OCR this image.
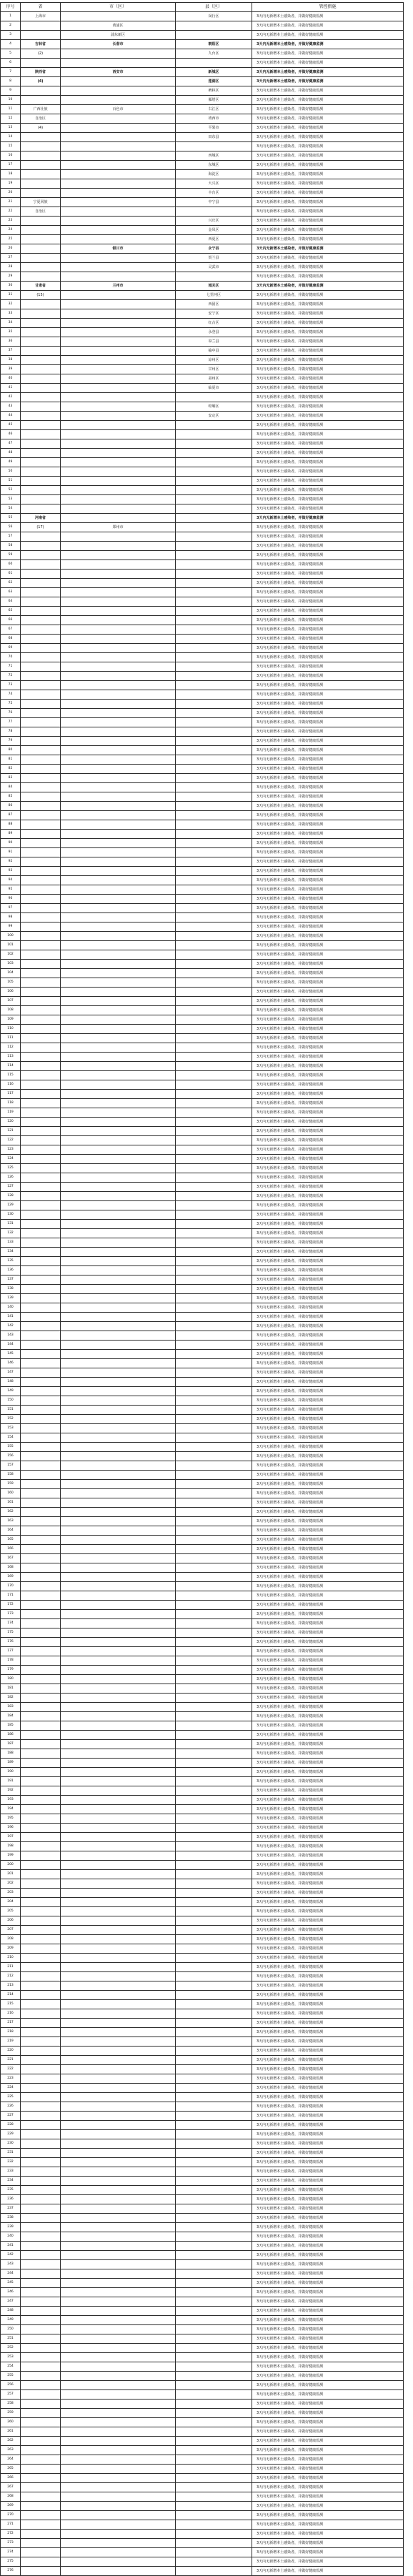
序号	省	市（区）	县（区）	管控措施
1	上海市		闵行区	3天内无新增本土感染者，并做好健康监测
2		黄浦区		3天内无新增本土感染者，并做好健康监测
3		浦东新区		3天内无新增本土感染者，并做好健康监测
4	吉林省	长春市	朝阳区	3天内无新增本土感染者，并做好健康监测
5	(2)		九台区	3天内无新增本土感染者，并做好健康监测
6				3天内无新增本土感染者，并做好健康监测
7	陕西省	西安市	新城区	3天内无新增本土感染者，并做好健康监测
8	(4)		莲湖区	3天内无新增本土感染者，并做好健康监测
9			碑林区	3天内无新增本土感染者，并做好健康监测
10			雁塔区	3天内无新增本土感染者，并做好健康监测
11	广西壮族	百色市	右江区	3天内无新增本土感染者，并做好健康监测
12	自治区		靖西市	3天内无新增本土感染者，并做好健康监测
13	(4)		平果市	3天内无新增本土感染者，并做好健康监测
14			田东县	3天内无新增本土感染者，并做好健康监测
15				3天内无新增本土感染者，并做好健康监测
16			西城区	3天内无新增本土感染者，并做好健康监测
17			东城区	3天内无新增本土感染者，并做好健康监测
18			海淀区	3天内无新增本土感染者，并做好健康监测
19			大兴区	3天内无新增本土感染者，并做好健康监测
20			丰台区	3天内无新增本土感染者，并做好健康监测
21	宁夏回族		中宁县	3天内无新增本土感染者，并做好健康监测
22	自治区			3天内无新增本土感染者，并做好健康监测
23			兴庆区	3天内无新增本土感染者，并做好健康监测
24			金凤区	3天内无新增本土感染者，并做好健康监测
25			西夏区	3天内无新增本土感染者，并做好健康监测
26		银川市	永宁县	3天内无新增本土感染者，并做好健康监测
27			贺兰县	3天内无新增本土感染者，并做好健康监测
28			灵武市	3天内无新增本土感染者，并做好健康监测
29				3天内无新增本土感染者，并做好健康监测
30	甘肃省	兰州市	城关区	3天内无新增本土感染者，并做好健康监测
31	(15)		七里河区	3天内无新增本土感染者，并做好健康监测
32			西固区	3天内无新增本土感染者，并做好健康监测
33			安宁区	3天内无新增本土感染者，并做好健康监测
34			红古区	3天内无新增本土感染者，并做好健康监测
35			永登县	3天内无新增本土感染者，并做好健康监测
36			皋兰县	3天内无新增本土感染者，并做好健康监测
37			榆中县	3天内无新增本土感染者，并做好健康监测
38			凉州区	3天内无新增本土感染者，并做好健康监测
39			甘州区	3天内无新增本土感染者，并做好健康监测
40			肃州区	3天内无新增本土感染者，并做好健康监测
41			临夏市	3天内无新增本土感染者，并做好健康监测
42				3天内无新增本土感染者，并做好健康监测
43			崆峒区	3天内无新增本土感染者，并做好健康监测
44			安定区	3天内无新增本土感染者，并做好健康监测
45				3天内无新增本土感染者，并做好健康监测
46				3天内无新增本土感染者，并做好健康监测
47				3天内无新增本土感染者，并做好健康监测
48				3天内无新增本土感染者，并做好健康监测
49				3天内无新增本土感染者，并做好健康监测
50				3天内无新增本土感染者，并做好健康监测
51				3天内无新增本土感染者，并做好健康监测
52				3天内无新增本土感染者，并做好健康监测
53				3天内无新增本土感染者，并做好健康监测
54				3天内无新增本土感染者，并做好健康监测
55	河南省			3天内无新增本土感染者，并做好健康监测
56	(17)	郑州市		3天内无新增本土感染者，并做好健康监测
57				3天内无新增本土感染者，并做好健康监测
58				3天内无新增本土感染者，并做好健康监测
59				3天内无新增本土感染者，并做好健康监测
60				3天内无新增本土感染者，并做好健康监测
61				3天内无新增本土感染者，并做好健康监测
62				3天内无新增本土感染者，并做好健康监测
63				3天内无新增本土感染者，并做好健康监测
64				3天内无新增本土感染者，并做好健康监测
65				3天内无新增本土感染者，并做好健康监测
66				3天内无新增本土感染者，并做好健康监测
67				3天内无新增本土感染者，并做好健康监测
68				3天内无新增本土感染者，并做好健康监测
69				3天内无新增本土感染者，并做好健康监测
70				3天内无新增本土感染者，并做好健康监测
71				3天内无新增本土感染者，并做好健康监测
72				3天内无新增本土感染者，并做好健康监测
73				3天内无新增本土感染者，并做好健康监测
74				3天内无新增本土感染者，并做好健康监测
75				3天内无新增本土感染者，并做好健康监测
76				3天内无新增本土感染者，并做好健康监测
77				3天内无新增本土感染者，并做好健康监测
78				3天内无新增本土感染者，并做好健康监测
79				3天内无新增本土感染者，并做好健康监测
80				3天内无新增本土感染者，并做好健康监测
81				3天内无新增本土感染者，并做好健康监测
82				3天内无新增本土感染者，并做好健康监测
83				3天内无新增本土感染者，并做好健康监测
84				3天内无新增本土感染者，并做好健康监测
85				3天内无新增本土感染者，并做好健康监测
86				3天内无新增本土感染者，并做好健康监测
87				3天内无新增本土感染者，并做好健康监测
88				3天内无新增本土感染者，并做好健康监测
89				3天内无新增本土感染者，并做好健康监测
90				3天内无新增本土感染者，并做好健康监测
91				3天内无新增本土感染者，并做好健康监测
92				3天内无新增本土感染者，并做好健康监测
93				3天内无新增本土感染者，并做好健康监测
94				3天内无新增本土感染者，并做好健康监测
95				3天内无新增本土感染者，并做好健康监测
96				3天内无新增本土感染者，并做好健康监测
97				3天内无新增本土感染者，并做好健康监测
98				3天内无新增本土感染者，并做好健康监测
99				3天内无新增本土感染者，并做好健康监测
100				3天内无新增本土感染者，并做好健康监测
101				3天内无新增本土感染者，并做好健康监测
102				3天内无新增本土感染者，并做好健康监测
103				3天内无新增本土感染者，并做好健康监测
104				3天内无新增本土感染者，并做好健康监测
105				3天内无新增本土感染者，并做好健康监测
106				3天内无新增本土感染者，并做好健康监测
107				3天内无新增本土感染者，并做好健康监测
108				3天内无新增本土感染者，并做好健康监测
109				3天内无新增本土感染者，并做好健康监测
110				3天内无新增本土感染者，并做好健康监测
111				3天内无新增本土感染者，并做好健康监测
112				3天内无新增本土感染者，并做好健康监测
113				3天内无新增本土感染者，并做好健康监测
114				3天内无新增本土感染者，并做好健康监测
115				3天内无新增本土感染者，并做好健康监测
116				3天内无新增本土感染者，并做好健康监测
117				3天内无新增本土感染者，并做好健康监测
118				3天内无新增本土感染者，并做好健康监测
119				3天内无新增本土感染者，并做好健康监测
120				3天内无新增本土感染者，并做好健康监测
121				3天内无新增本土感染者，并做好健康监测
122				3天内无新增本土感染者，并做好健康监测
123				3天内无新增本土感染者，并做好健康监测
124				3天内无新增本土感染者，并做好健康监测
125				3天内无新增本土感染者，并做好健康监测
126				3天内无新增本土感染者，并做好健康监测
127				3天内无新增本土感染者，并做好健康监测
128				3天内无新增本土感染者，并做好健康监测
129				3天内无新增本土感染者，并做好健康监测
130				3天内无新增本土感染者，并做好健康监测
131				3天内无新增本土感染者，并做好健康监测
132				3天内无新增本土感染者，并做好健康监测
133				3天内无新增本土感染者，并做好健康监测
134				3天内无新增本土感染者，并做好健康监测
135				3天内无新增本土感染者，并做好健康监测
136				3天内无新增本土感染者，并做好健康监测
137				3天内无新增本土感染者，并做好健康监测
138				3天内无新增本土感染者，并做好健康监测
139				3天内无新增本土感染者，并做好健康监测
140				3天内无新增本土感染者，并做好健康监测
141				3天内无新增本土感染者，并做好健康监测
142				3天内无新增本土感染者，并做好健康监测
143				3天内无新增本土感染者，并做好健康监测
144				3天内无新增本土感染者，并做好健康监测
145				3天内无新增本土感染者，并做好健康监测
146				3天内无新增本土感染者，并做好健康监测
147				3天内无新增本土感染者，并做好健康监测
148				3天内无新增本土感染者，并做好健康监测
149				3天内无新增本土感染者，并做好健康监测
150				3天内无新增本土感染者，并做好健康监测
151				3天内无新增本土感染者，并做好健康监测
152				3天内无新增本土感染者，并做好健康监测
153				3天内无新增本土感染者，并做好健康监测
154				3天内无新增本土感染者，并做好健康监测
155				3天内无新增本土感染者，并做好健康监测
156				3天内无新增本土感染者，并做好健康监测
157				3天内无新增本土感染者，并做好健康监测
158				3天内无新增本土感染者，并做好健康监测
159				3天内无新增本土感染者，并做好健康监测
160				3天内无新增本土感染者，并做好健康监测
161				3天内无新增本土感染者，并做好健康监测
162				3天内无新增本土感染者，并做好健康监测
163				3天内无新增本土感染者，并做好健康监测
164				3天内无新增本土感染者，并做好健康监测
165				3天内无新增本土感染者，并做好健康监测
166				3天内无新增本土感染者，并做好健康监测
167				3天内无新增本土感染者，并做好健康监测
168				3天内无新增本土感染者，并做好健康监测
169				3天内无新增本土感染者，并做好健康监测
170				3天内无新增本土感染者，并做好健康监测
171				3天内无新增本土感染者，并做好健康监测
172				3天内无新增本土感染者，并做好健康监测
173				3天内无新增本土感染者，并做好健康监测
174				3天内无新增本土感染者，并做好健康监测
175				3天内无新增本土感染者，并做好健康监测
176				3天内无新增本土感染者，并做好健康监测
177				3天内无新增本土感染者，并做好健康监测
178				3天内无新增本土感染者，并做好健康监测
179				3天内无新增本土感染者，并做好健康监测
180				3天内无新增本土感染者，并做好健康监测
181				3天内无新增本土感染者，并做好健康监测
182				3天内无新增本土感染者，并做好健康监测
183				3天内无新增本土感染者，并做好健康监测
184				3天内无新增本土感染者，并做好健康监测
185				3天内无新增本土感染者，并做好健康监测
186				3天内无新增本土感染者，并做好健康监测
187				3天内无新增本土感染者，并做好健康监测
188				3天内无新增本土感染者，并做好健康监测
189				3天内无新增本土感染者，并做好健康监测
190				3天内无新增本土感染者，并做好健康监测
191				3天内无新增本土感染者，并做好健康监测
192				3天内无新增本土感染者，并做好健康监测
193				3天内无新增本土感染者，并做好健康监测
194				3天内无新增本土感染者，并做好健康监测
195				3天内无新增本土感染者，并做好健康监测
196				3天内无新增本土感染者，并做好健康监测
197				3天内无新增本土感染者，并做好健康监测
198				3天内无新增本土感染者，并做好健康监测
199				3天内无新增本土感染者，并做好健康监测
200				3天内无新增本土感染者，并做好健康监测
201				3天内无新增本土感染者，并做好健康监测
202				3天内无新增本土感染者，并做好健康监测
203				3天内无新增本土感染者，并做好健康监测
204				3天内无新增本土感染者，并做好健康监测
205				3天内无新增本土感染者，并做好健康监测
206				3天内无新增本土感染者，并做好健康监测
207				3天内无新增本土感染者，并做好健康监测
208				3天内无新增本土感染者，并做好健康监测
209				3天内无新增本土感染者，并做好健康监测
210				3天内无新增本土感染者，并做好健康监测
211				3天内无新增本土感染者，并做好健康监测
212				3天内无新增本土感染者，并做好健康监测
213				3天内无新增本土感染者，并做好健康监测
214				3天内无新增本土感染者，并做好健康监测
215				3天内无新增本土感染者，并做好健康监测
216				3天内无新增本土感染者，并做好健康监测
217				3天内无新增本土感染者，并做好健康监测
218				3天内无新增本土感染者，并做好健康监测
219				3天内无新增本土感染者，并做好健康监测
220				3天内无新增本土感染者，并做好健康监测
221				3天内无新增本土感染者，并做好健康监测
222				3天内无新增本土感染者，并做好健康监测
223				3天内无新增本土感染者，并做好健康监测
224				3天内无新增本土感染者，并做好健康监测
225				3天内无新增本土感染者，并做好健康监测
226				3天内无新增本土感染者，并做好健康监测
227				3天内无新增本土感染者，并做好健康监测
228				3天内无新增本土感染者，并做好健康监测
229				3天内无新增本土感染者，并做好健康监测
230				3天内无新增本土感染者，并做好健康监测
231				3天内无新增本土感染者，并做好健康监测
232				3天内无新增本土感染者，并做好健康监测
233				3天内无新增本土感染者，并做好健康监测
234				3天内无新增本土感染者，并做好健康监测
235				3天内无新增本土感染者，并做好健康监测
236				3天内无新增本土感染者，并做好健康监测
237				3天内无新增本土感染者，并做好健康监测
238				3天内无新增本土感染者，并做好健康监测
239				3天内无新增本土感染者，并做好健康监测
240				3天内无新增本土感染者，并做好健康监测
241				3天内无新增本土感染者，并做好健康监测
242				3天内无新增本土感染者，并做好健康监测
243				3天内无新增本土感染者，并做好健康监测
244				3天内无新增本土感染者，并做好健康监测
245				3天内无新增本土感染者，并做好健康监测
246				3天内无新增本土感染者，并做好健康监测
247				3天内无新增本土感染者，并做好健康监测
248				3天内无新增本土感染者，并做好健康监测
249				3天内无新增本土感染者，并做好健康监测
250				3天内无新增本土感染者，并做好健康监测
251				3天内无新增本土感染者，并做好健康监测
252				3天内无新增本土感染者，并做好健康监测
253				3天内无新增本土感染者，并做好健康监测
254				3天内无新增本土感染者，并做好健康监测
255				3天内无新增本土感染者，并做好健康监测
256				3天内无新增本土感染者，并做好健康监测
257				3天内无新增本土感染者，并做好健康监测
258				3天内无新增本土感染者，并做好健康监测
259				3天内无新增本土感染者，并做好健康监测
260				3天内无新增本土感染者，并做好健康监测
261				3天内无新增本土感染者，并做好健康监测
262				3天内无新增本土感染者，并做好健康监测
263				3天内无新增本土感染者，并做好健康监测
264				3天内无新增本土感染者，并做好健康监测
265				3天内无新增本土感染者，并做好健康监测
266				3天内无新增本土感染者，并做好健康监测
267				3天内无新增本土感染者，并做好健康监测
268				3天内无新增本土感染者，并做好健康监测
269				3天内无新增本土感染者，并做好健康监测
270				3天内无新增本土感染者，并做好健康监测
271				3天内无新增本土感染者，并做好健康监测
272				3天内无新增本土感染者，并做好健康监测
273				3天内无新增本土感染者，并做好健康监测
274				3天内无新增本土感染者，并做好健康监测
275				3天内无新增本土感染者，并做好健康监测
276				3天内无新增本土感染者，并做好健康监测
